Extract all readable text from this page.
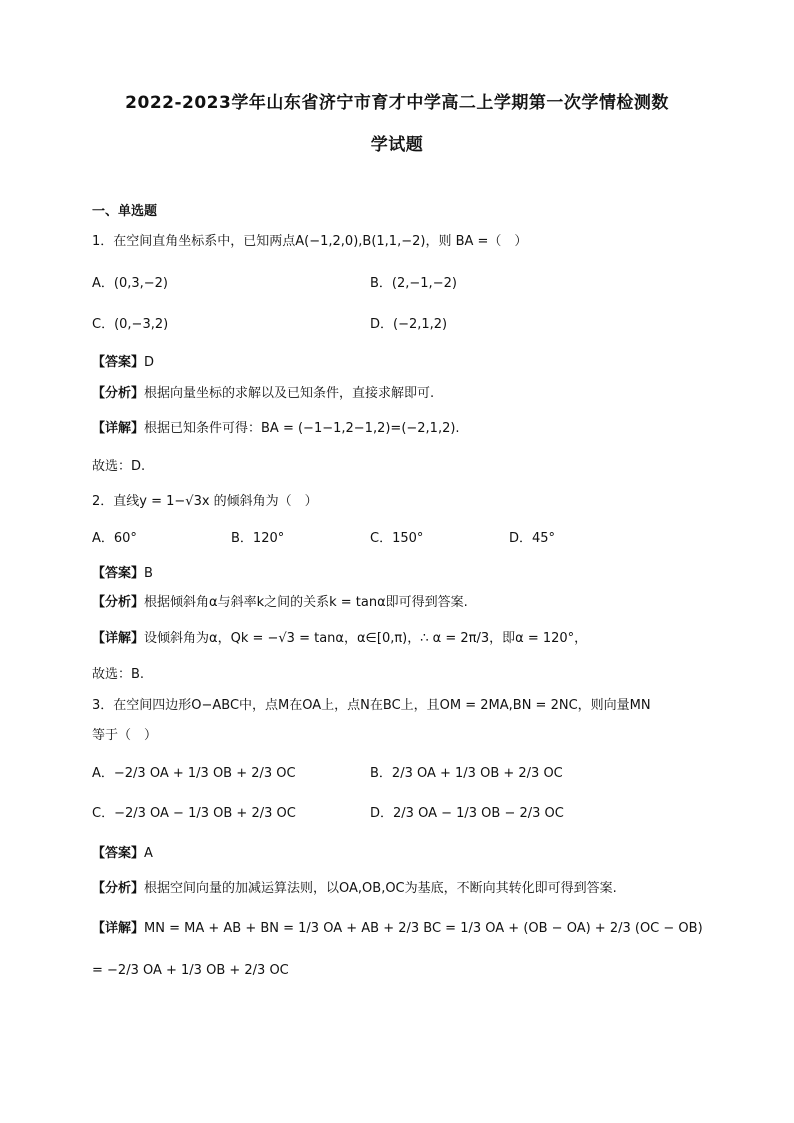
2022-2023学年山东省济宁市育才中学高二上学期第一次学情检测数
学试题
一、单选题
1．在空间直角坐标系中，已知两点A(−1,2,0),B(1,1,−2)，则 BA =（　）
A．(0,3,−2)	B．(2,−1,−2)
C．(0,−3,2)	D．(−2,1,2)
【答案】D
【分析】根据向量坐标的求解以及已知条件，直接求解即可.
【详解】根据已知条件可得：BA = (−1−1,2−1,2)=(−2,1,2).
故选：D.
2．直线y = 1−√3x 的倾斜角为（　）
A．60°	B．120°	C．150°	D．45°
【答案】B
【分析】根据倾斜角α与斜率k之间的关系k = tanα即可得到答案.
【详解】设倾斜角为α，Qk = −√3 = tanα，α∈[0,π)，∴ α = 2π/3，即α = 120°，
故选：B.
3．在空间四边形O−ABC中，点M在OA上，点N在BC上，且OM = 2MA,BN = 2NC，则向量MN
等于（　）
A．−2/3 OA + 1/3 OB + 2/3 OC	B．2/3 OA + 1/3 OB + 2/3 OC
C．−2/3 OA − 1/3 OB + 2/3 OC	D．2/3 OA − 1/3 OB − 2/3 OC
【答案】A
【分析】根据空间向量的加减运算法则，以OA,OB,OC为基底，不断向其转化即可得到答案.
【详解】MN = MA + AB + BN = 1/3 OA + AB + 2/3 BC = 1/3 OA + (OB − OA) + 2/3 (OC − OB)
= −2/3 OA + 1/3 OB + 2/3 OC
